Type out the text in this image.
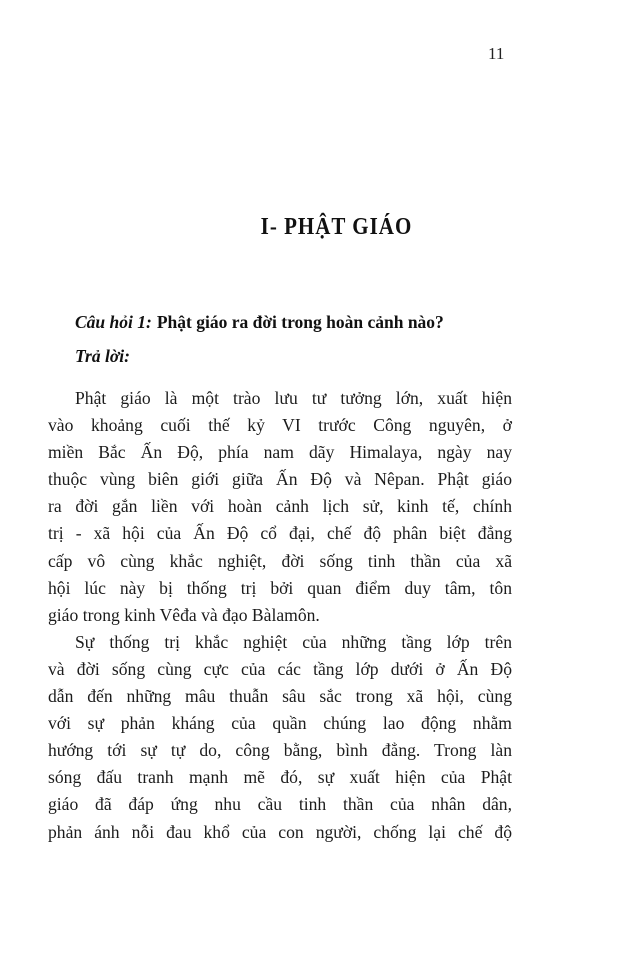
11
I- PHẬT GIÁO
Câu hỏi 1: Phật giáo ra đời trong hoàn cảnh nào?
Trả lời:
Phật giáo là một trào lưu tư tưởng lớn, xuất hiện
vào khoảng cuối thế kỷ VI trước Công nguyên, ở
miền Bắc Ấn Độ, phía nam dãy Himalaya, ngày nay
thuộc vùng biên giới giữa Ấn Độ và Nêpan. Phật giáo
ra đời gắn liền với hoàn cảnh lịch sử, kinh tế, chính
trị - xã hội của Ấn Độ cổ đại, chế độ phân biệt đẳng
cấp vô cùng khắc nghiệt, đời sống tinh thần của xã
hội lúc này bị thống trị bởi quan điểm duy tâm, tôn
giáo trong kinh Vêđa và đạo Bàlamôn.
Sự thống trị khắc nghiệt của những tầng lớp trên
và đời sống cùng cực của các tầng lớp dưới ở Ấn Độ
dẫn đến những mâu thuẫn sâu sắc trong xã hội, cùng
với sự phản kháng của quần chúng lao động nhằm
hướng tới sự tự do, công bằng, bình đẳng. Trong làn
sóng đấu tranh mạnh mẽ đó, sự xuất hiện của Phật
giáo đã đáp ứng nhu cầu tinh thần của nhân dân,
phản ánh nỗi đau khổ của con người, chống lại chế độ
